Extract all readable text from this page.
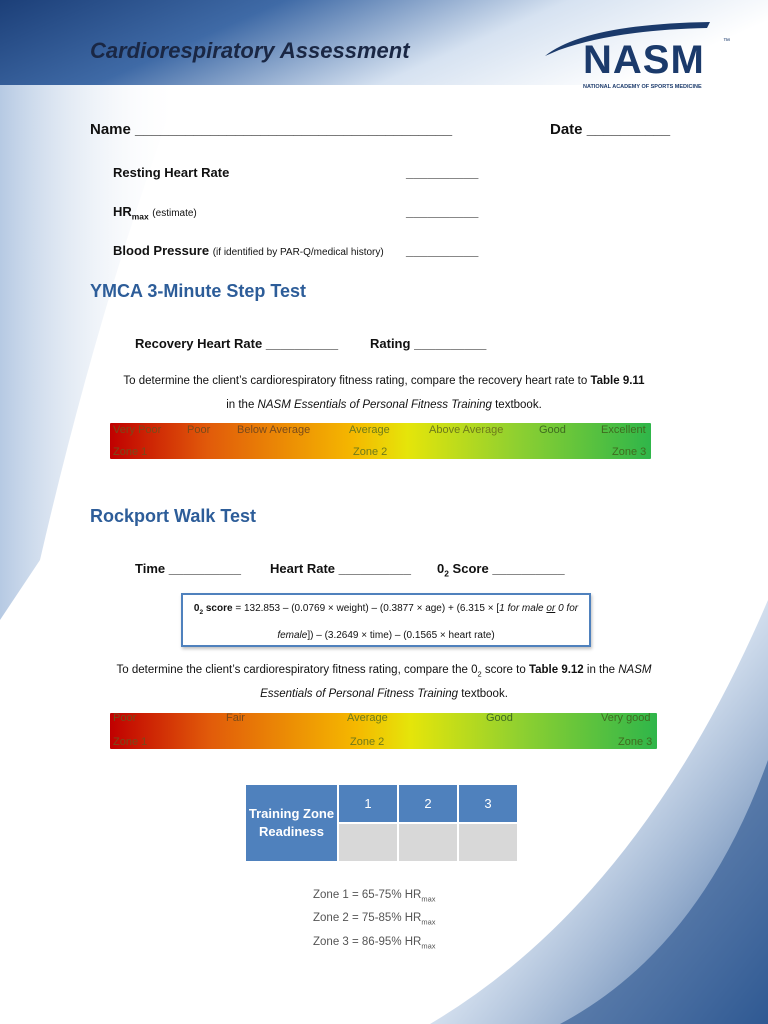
Cardiorespiratory Assessment	NASM	™
NATIONAL ACADEMY OF SPORTS MEDICINE
Name ______________________________________	Date __________
Resting Heart Rate	__________
$HR_{max}$ (estimate)	__________
Blood Pressure (if identified by PAR-Q/medical history) __________
YMCA 3-Minute Step Test
Recovery Heart Rate __________ Rating __________
To determine the client’s cardiorespiratory fitness rating, compare the recovery heart rate to Table 9.11
in the NASM Essentials of Personal Fitness Training textbook.
Very Poor Poor Below Average	Average	Above Average	Good	Excellent
Zone 1	Zone 2	Zone 3
Rockport Walk Test
Time __________ Heart Rate __________ $0_2$ Score __________
$0_2$ score = 132.853 – (0.0769 × weight) – (0.3877 × age) + (6.315 × [1 for male or 0 for
female]) – (3.2649 × time) – (0.1565 × heart rate)
To determine the client’s cardiorespiratory fitness rating, compare the $0_2$ score to Table 9.12 in the NASM
Essentials of Personal Fitness Training textbook.
Poor	Fair	Average	Good	Very good
Zone 1	Zone 2	Zone 3
Training Zone
Readiness	1	2	3

Zone 1 = 65-75% $HR_{max}$
Zone 2 = 75-85% $HR_{max}$
Zone 3 = 86-95% $HR_{max}$
